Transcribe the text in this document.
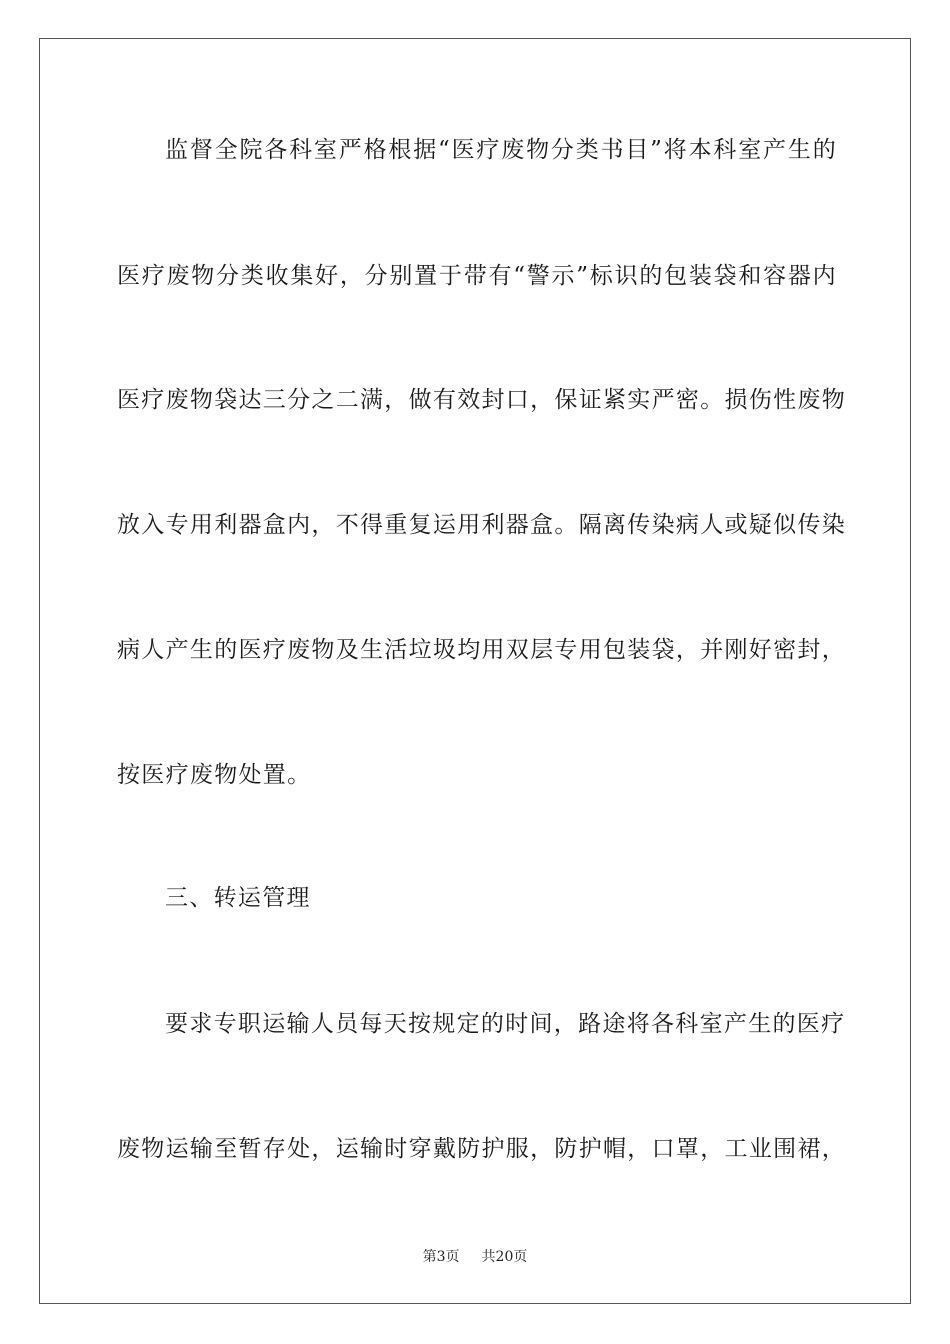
监督全院各科室严格根据“医疗废物分类书目”将本科室产生的
医疗废物分类收集好，分别置于带有“警示”标识的包装袋和容器内
医疗废物袋达三分之二满，做有效封口，保证紧实严密。损伤性废物
放入专用利器盒内，不得重复运用利器盒。隔离传染病人或疑似传染
病人产生的医疗废物及生活垃圾均用双层专用包装袋，并刚好密封，
按医疗废物处置。
三、转运管理
要求专职运输人员每天按规定的时间，路途将各科室产生的医疗
废物运输至暂存处，运输时穿戴防护服，防护帽，口罩，工业围裙，
第3页 共20页
